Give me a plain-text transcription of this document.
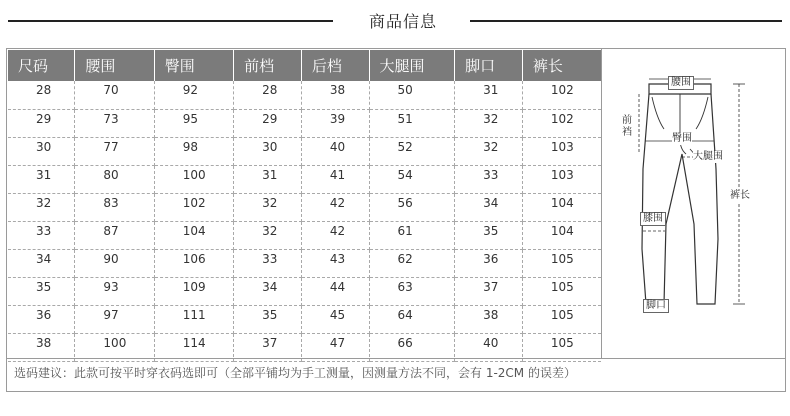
商品信息
尺码	腰围	臀围	前档	后档	大腿围	脚口	裤长
28	70	92	28	38	50	31	102
29	73	95	29	39	51	32	102
30	77	98	30	40	52	32	103
31	80	100	31	41	54	33	103
32	83	102	32	42	56	34	104
33	87	104	32	42	61	35	104
34	90	106	33	43	62	36	105
35	93	109	34	44	63	37	105
36	97	111	35	45	64	38	105
38	100	114	37	47	66	40	105
腰围
前
裆
臀围
大腿围
裤长
膝围
脚口
选码建议：此款可按平时穿衣码选即可（全部平铺均为手工测量，因测量方法不同，会有 1-2CM 的误差）
